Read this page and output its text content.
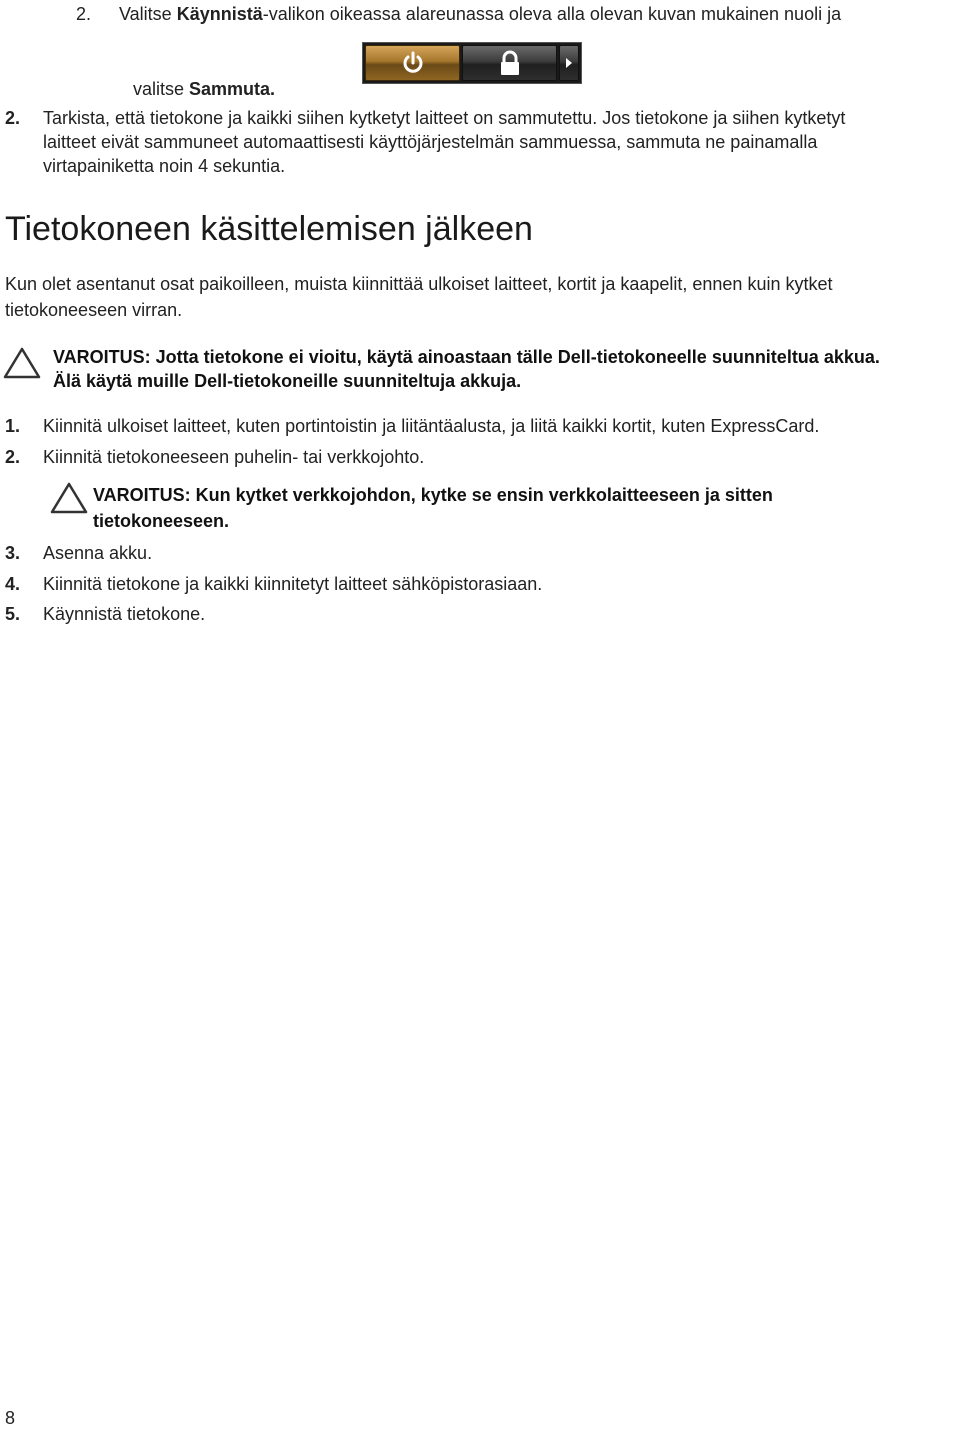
2. Valitse Käynnistä-valikon oikeassa alareunassa oleva alla olevan kuvan mukainen nuoli ja
valitse Sammuta.
2. Tarkista, että tietokone ja kaikki siihen kytketyt laitteet on sammutettu. Jos tietokone ja siihen kytketyt
laitteet eivät sammuneet automaattisesti käyttöjärjestelmän sammuessa, sammuta ne painamalla
virtapainiketta noin 4 sekuntia.
Tietokoneen käsittelemisen jälkeen
Kun olet asentanut osat paikoilleen, muista kiinnittää ulkoiset laitteet, kortit ja kaapelit, ennen kuin kytket
tietokoneeseen virran.
VAROITUS: Jotta tietokone ei vioitu, käytä ainoastaan tälle Dell-tietokoneelle suunniteltua akkua.
Älä käytä muille Dell-tietokoneille suunniteltuja akkuja.
1. Kiinnitä ulkoiset laitteet, kuten portintoistin ja liitäntäalusta, ja liitä kaikki kortit, kuten ExpressCard.
2. Kiinnitä tietokoneeseen puhelin- tai verkkojohto.
VAROITUS: Kun kytket verkkojohdon, kytke se ensin verkkolaitteeseen ja sitten
tietokoneeseen.
3. Asenna akku.
4. Kiinnitä tietokone ja kaikki kiinnitetyt laitteet sähköpistorasiaan.
5. Käynnistä tietokone.
8
